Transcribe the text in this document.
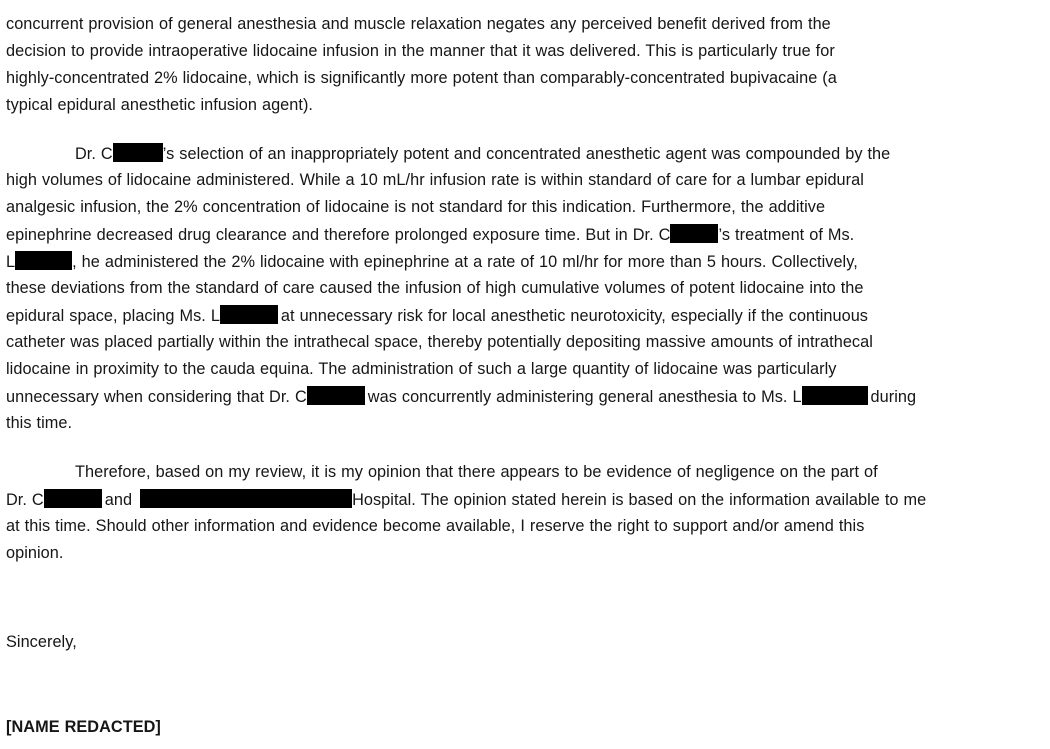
concurrent provision of general anesthesia and muscle relaxation negates any perceived benefit derived from the
decision to provide intraoperative lidocaine infusion in the manner that it was delivered. This is particularly true for
highly-concentrated 2% lidocaine, which is significantly more potent than comparably-concentrated bupivacaine (a
typical epidural anesthetic infusion agent).
Dr. C	’s selection of an inappropriately potent and concentrated anesthetic agent was compounded by the
high volumes of lidocaine administered. While a 10 mL/hr infusion rate is within standard of care for a lumbar epidural
analgesic infusion, the 2% concentration of lidocaine is not standard for this indication. Furthermore, the additive
epinephrine decreased drug clearance and therefore prolonged exposure time. But in Dr. C	’s treatment of Ms.
L	, he administered the 2% lidocaine with epinephrine at a rate of 10 ml/hr for more than 5 hours. Collectively,
these deviations from the standard of care caused the infusion of high cumulative volumes of potent lidocaine into the
epidural space, placing Ms. L	at unnecessary risk for local anesthetic neurotoxicity, especially if the continuous
catheter was placed partially within the intrathecal space, thereby potentially depositing massive amounts of intrathecal
lidocaine in proximity to the cauda equina. The administration of such a large quantity of lidocaine was particularly
unnecessary when considering that Dr. C	was concurrently administering general anesthesia to Ms. L	during
this time.
Therefore, based on my review, it is my opinion that there appears to be evidence of negligence on the part of
Dr. C	and	Hospital. The opinion stated herein is based on the information available to me
at this time. Should other information and evidence become available, I reserve the right to support and/or amend this
opinion.
Sincerely,
[NAME REDACTED]
